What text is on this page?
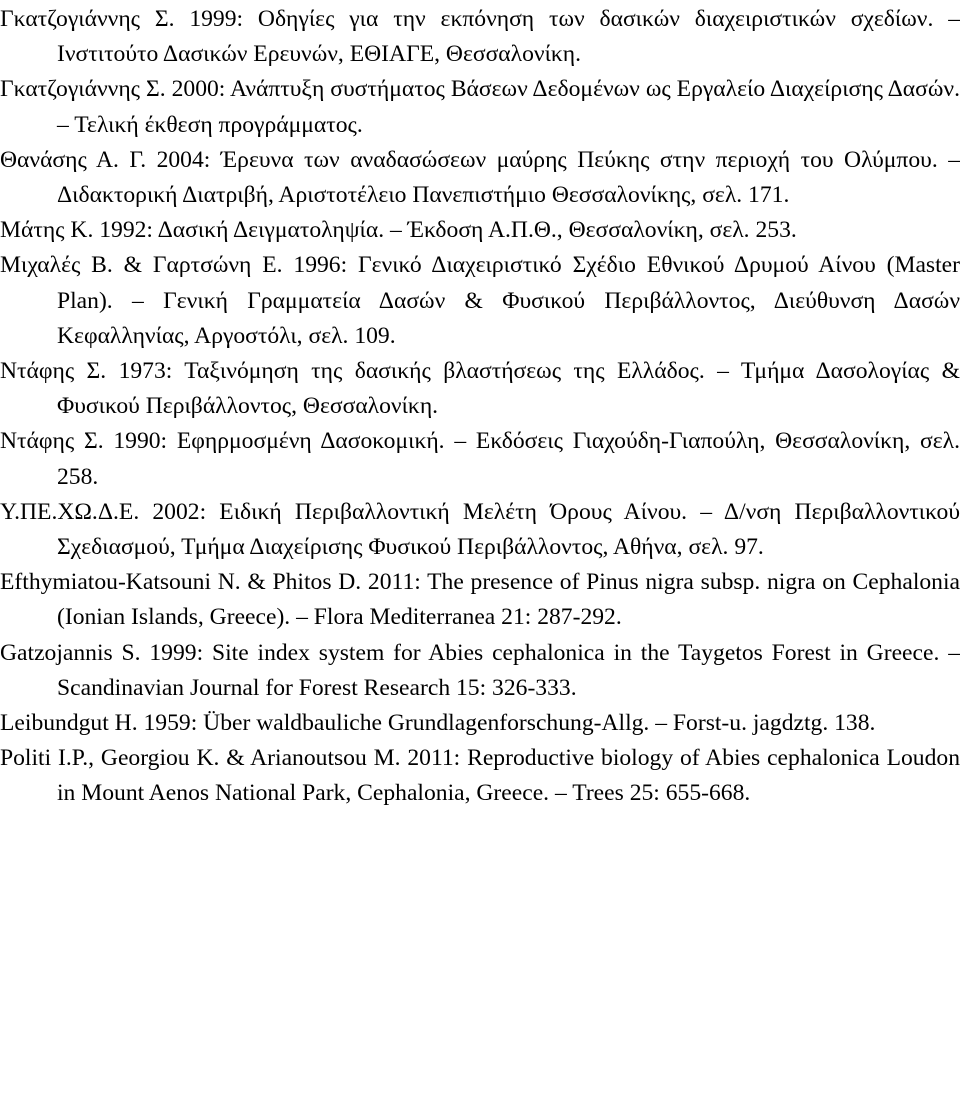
Γκατζογιάννης Σ. 1999: Οδηγίες για την εκπόνηση των δασικών διαχειριστικών σχεδίων. – Ινστιτούτο Δασικών Ερευνών, ΕΘΙΑΓΕ, Θεσσαλονίκη.

Γκατζογιάννης Σ. 2000: Ανάπτυξη συστήματος Βάσεων Δεδομένων ως Εργαλείο Διαχείρισης Δασών. – Τελική έκθεση προγράμματος.

Θανάσης Α. Γ. 2004: Έρευνα των αναδασώσεων μαύρης Πεύκης στην περιοχή του Ολύμπου. – Διδακτορική Διατριβή, Αριστοτέλειο Πανεπιστήμιο Θεσσαλονίκης, σελ. 171.

Μάτης Κ. 1992: Δασική Δειγματοληψία. – Έκδοση Α.Π.Θ., Θεσσαλονίκη, σελ. 253.

Μιχαλές Β. & Γαρτσώνη Ε. 1996: Γενικό Διαχειριστικό Σχέδιο Εθνικού Δρυμού Αίνου (Master Plan). – Γενική Γραμματεία Δασών & Φυσικού Περιβάλλοντος, Διεύθυνση Δασών Κεφαλληνίας, Αργοστόλι, σελ. 109.

Ντάφης Σ. 1973: Ταξινόμηση της δασικής βλαστήσεως της Ελλάδος. – Τμήμα Δασολογίας & Φυσικού Περιβάλλοντος, Θεσσαλονίκη.

Ντάφης Σ. 1990: Εφηρμοσμένη Δασοκομική. – Εκδόσεις Γιαχούδη-Γιαπούλη, Θεσσαλονίκη, σελ. 258.

Υ.ΠΕ.ΧΩ.Δ.Ε. 2002: Ειδική Περιβαλλοντική Μελέτη Όρους Αίνου. – Δ/νση Περιβαλλοντικού Σχεδιασμού, Τμήμα Διαχείρισης Φυσικού Περιβάλλοντος, Αθήνα, σελ. 97.

Efthymiatou-Katsouni N. & Phitos D. 2011: The presence of Pinus nigra subsp. nigra on Cephalonia (Ionian Islands, Greece). – Flora Mediterranea 21: 287-292.

Gatzojannis S. 1999: Site index system for Abies cephalonica in the Taygetos Forest in Greece. – Scandinavian Journal for Forest Research 15: 326-333.

Leibundgut H. 1959: Über waldbauliche Grundlagenforschung-Allg. – Forst-u. jagdztg. 138.

Politi I.P., Georgiou K. & Arianoutsou M. 2011: Reproductive biology of Abies cephalonica Loudon in Mount Aenos National Park, Cephalonia, Greece. – Trees 25: 655-668.
